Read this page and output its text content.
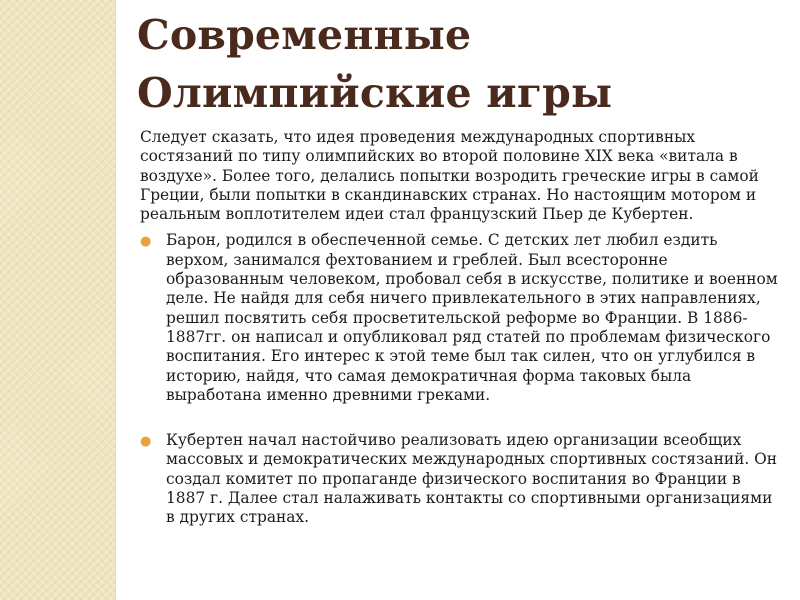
Современные
Олимпийские игры

Следует сказать, что идея проведения международных спортивных состязаний по типу олимпийских во второй половине XIX века «витала в воздухе». Более того, делались попытки возродить греческие игры в самой Греции, были попытки в скандинавских странах. Но настоящим мотором и реальным воплотителем идеи стал французский Пьер де Кубертен.

● Барон, родился в обеспеченной семье. С детских лет любил ездить верхом, занимался фехтованием и греблей. Был всесторонне образованным человеком, пробовал себя в искусстве, политике и военном деле. Не найдя для себя ничего привлекательного в этих направлениях, решил посвятить себя просветительской реформе во Франции. В 1886-1887гг. он написал и опубликовал ряд статей по проблемам физического воспитания. Его интерес к этой теме был так силен, что он углубился в историю, найдя, что самая демократичная форма таковых была выработана именно древними греками.
● Кубертен начал настойчиво реализовать идею организации всеобщих массовых и демократических международных спортивных состязаний. Он создал комитет по пропаганде физического воспитания во Франции в 1887 г. Далее стал налаживать контакты со спортивными организациями в других странах.
